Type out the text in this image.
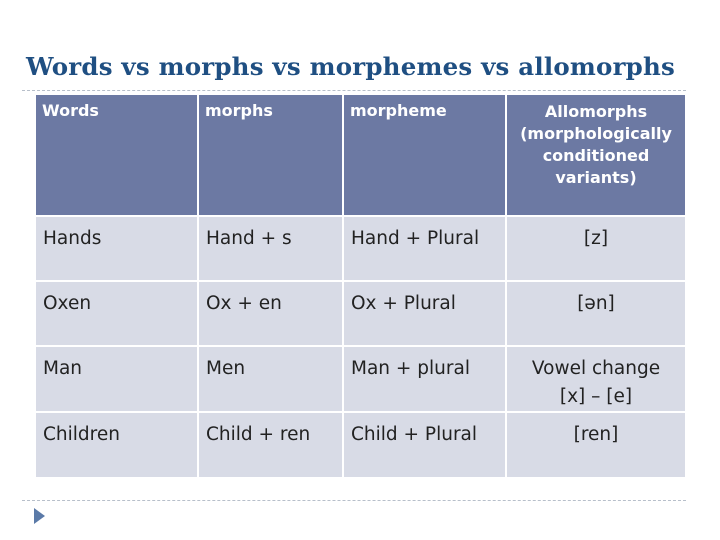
Words vs morphs vs morphemes vs allomorphs
Words	morphs	morpheme	Allomorphs
(morphologically
conditioned
variants)

Hands	Hand + s	Hand + Plural	[z]

Oxen	Ox + en	Ox + Plural	[ən]

Man	Men	Man + plural	Vowel change
[x] – [e]

Children	Child + ren	Child + Plural	[ren]
